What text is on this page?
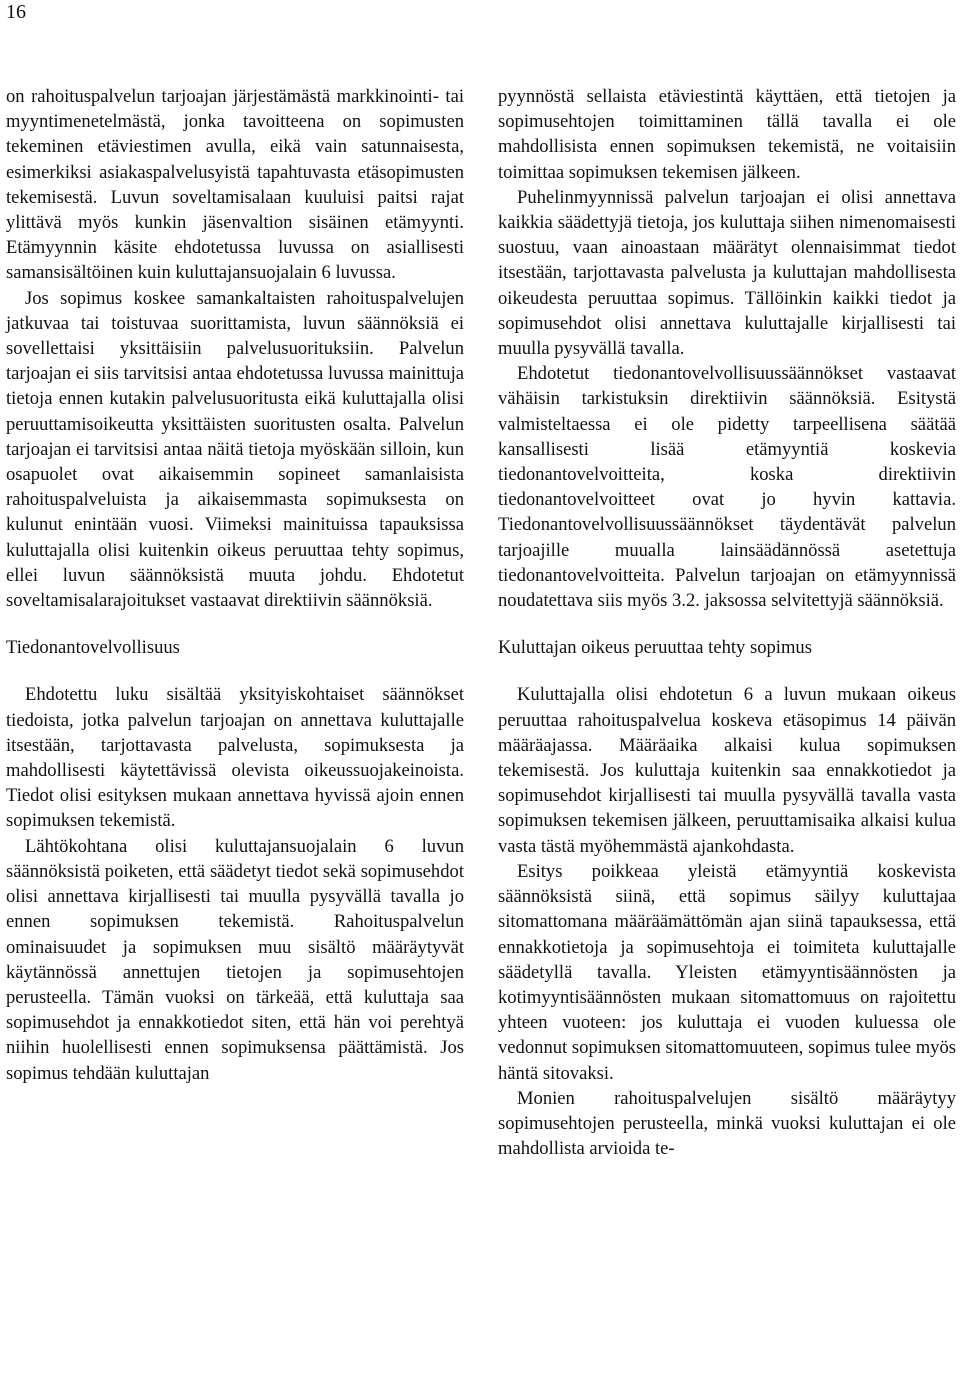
16

on rahoituspalvelun tarjoajan järjestämästä markkinointi- tai myyntimenetelmästä, jonka tavoitteena on sopimusten tekeminen etäviestimen avulla, eikä vain satunnaisesta, esimerkiksi asiakaspalvelusyistä tapahtuvasta etäsopimusten tekemisestä. Luvun soveltamisalaan kuuluisi paitsi rajat ylittävä myös kunkin jäsenvaltion sisäinen etämyynti. Etämyynnin käsite ehdotetussa luvussa on asiallisesti samansisältöinen kuin kuluttajansuojalain 6 luvussa.

Jos sopimus koskee samankaltaisten rahoituspalvelujen jatkuvaa tai toistuvaa suorittamista, luvun säännöksiä ei sovellettaisi yksittäisiin palvelusuorituksiin. Palvelun tarjoajan ei siis tarvitsisi antaa ehdotetussa luvussa mainittuja tietoja ennen kutakin palvelusuoritusta eikä kuluttajalla olisi peruuttamisoikeutta yksittäisten suoritusten osalta. Palvelun tarjoajan ei tarvitsisi antaa näitä tietoja myöskään silloin, kun osapuolet ovat aikaisemmin sopineet samanlaisista rahoituspalveluista ja aikaisemmasta sopimuksesta on kulunut enintään vuosi. Viimeksi mainituissa tapauksissa kuluttajalla olisi kuitenkin oikeus peruuttaa tehty sopimus, ellei luvun säännöksistä muuta johdu. Ehdotetut soveltamisalarajoitukset vastaavat direktiivin säännöksiä.

Tiedonantovelvollisuus

Ehdotettu luku sisältää yksityiskohtaiset säännökset tiedoista, jotka palvelun tarjoajan on annettava kuluttajalle itsestään, tarjottavasta palvelusta, sopimuksesta ja mahdollisesti käytettävissä olevista oikeussuojakeinoista. Tiedot olisi esityksen mukaan annettava hyvissä ajoin ennen sopimuksen tekemistä.

Lähtökohtana olisi kuluttajansuojalain 6 luvun säännöksistä poiketen, että säädetyt tiedot sekä sopimusehdot olisi annettava kirjallisesti tai muulla pysyvällä tavalla jo ennen sopimuksen tekemistä. Rahoituspalvelun ominaisuudet ja sopimuksen muu sisältö määräytyvät käytännössä annettujen tietojen ja sopimusehtojen perusteella. Tämän vuoksi on tärkeää, että kuluttaja saa sopimusehdot ja ennakkotiedot siten, että hän voi perehtyä niihin huolellisesti ennen sopimuksensa päättämistä. Jos sopimus tehdään kuluttajan

pyynnöstä sellaista etäviestintä käyttäen, että tietojen ja sopimusehtojen toimittaminen tällä tavalla ei ole mahdollisista ennen sopimuksen tekemistä, ne voitaisiin toimittaa sopimuksen tekemisen jälkeen.

Puhelinmyynnissä palvelun tarjoajan ei olisi annettava kaikkia säädettyjä tietoja, jos kuluttaja siihen nimenomaisesti suostuu, vaan ainoastaan määrätyt olennaisimmat tiedot itsestään, tarjottavasta palvelusta ja kuluttajan mahdollisesta oikeudesta peruuttaa sopimus. Tällöinkin kaikki tiedot ja sopimusehdot olisi annettava kuluttajalle kirjallisesti tai muulla pysyvällä tavalla.

Ehdotetut tiedonantovelvollisuussäännökset vastaavat vähäisin tarkistuksin direktiivin säännöksiä. Esitystä valmisteltaessa ei ole pidetty tarpeellisena säätää kansallisesti lisää etämyyntiä koskevia tiedonantovelvoitteita, koska direktiivin tiedonantovelvoitteet ovat jo hyvin kattavia. Tiedonantovelvollisuussäännökset täydentävät palvelun tarjoajille muualla lainsäädännössä asetettuja tiedonantovelvoitteita. Palvelun tarjoajan on etämyynnissä noudatettava siis myös 3.2. jaksossa selvitettyjä säännöksiä.

Kuluttajan oikeus peruuttaa tehty sopimus

Kuluttajalla olisi ehdotetun 6 a luvun mukaan oikeus peruuttaa rahoituspalvelua koskeva etäsopimus 14 päivän määräajassa. Määräaika alkaisi kulua sopimuksen tekemisestä. Jos kuluttaja kuitenkin saa ennakkotiedot ja sopimusehdot kirjallisesti tai muulla pysyvällä tavalla vasta sopimuksen tekemisen jälkeen, peruuttamisaika alkaisi kulua vasta tästä myöhemmästä ajankohdasta.

Esitys poikkeaa yleistä etämyyntiä koskevista säännöksistä siinä, että sopimus säilyy kuluttajaa sitomattomana määräämättömän ajan siinä tapauksessa, että ennakkotietoja ja sopimusehtoja ei toimiteta kuluttajalle säädetyllä tavalla. Yleisten etämyyntisäännösten ja kotimyyntisäännösten mukaan sitomattomuus on rajoitettu yhteen vuoteen: jos kuluttaja ei vuoden kuluessa ole vedonnut sopimuksen sitomattomuuteen, sopimus tulee myös häntä sitovaksi.

Monien rahoituspalvelujen sisältö määräytyy sopimusehtojen perusteella, minkä vuoksi kuluttajan ei ole mahdollista arvioida te-
